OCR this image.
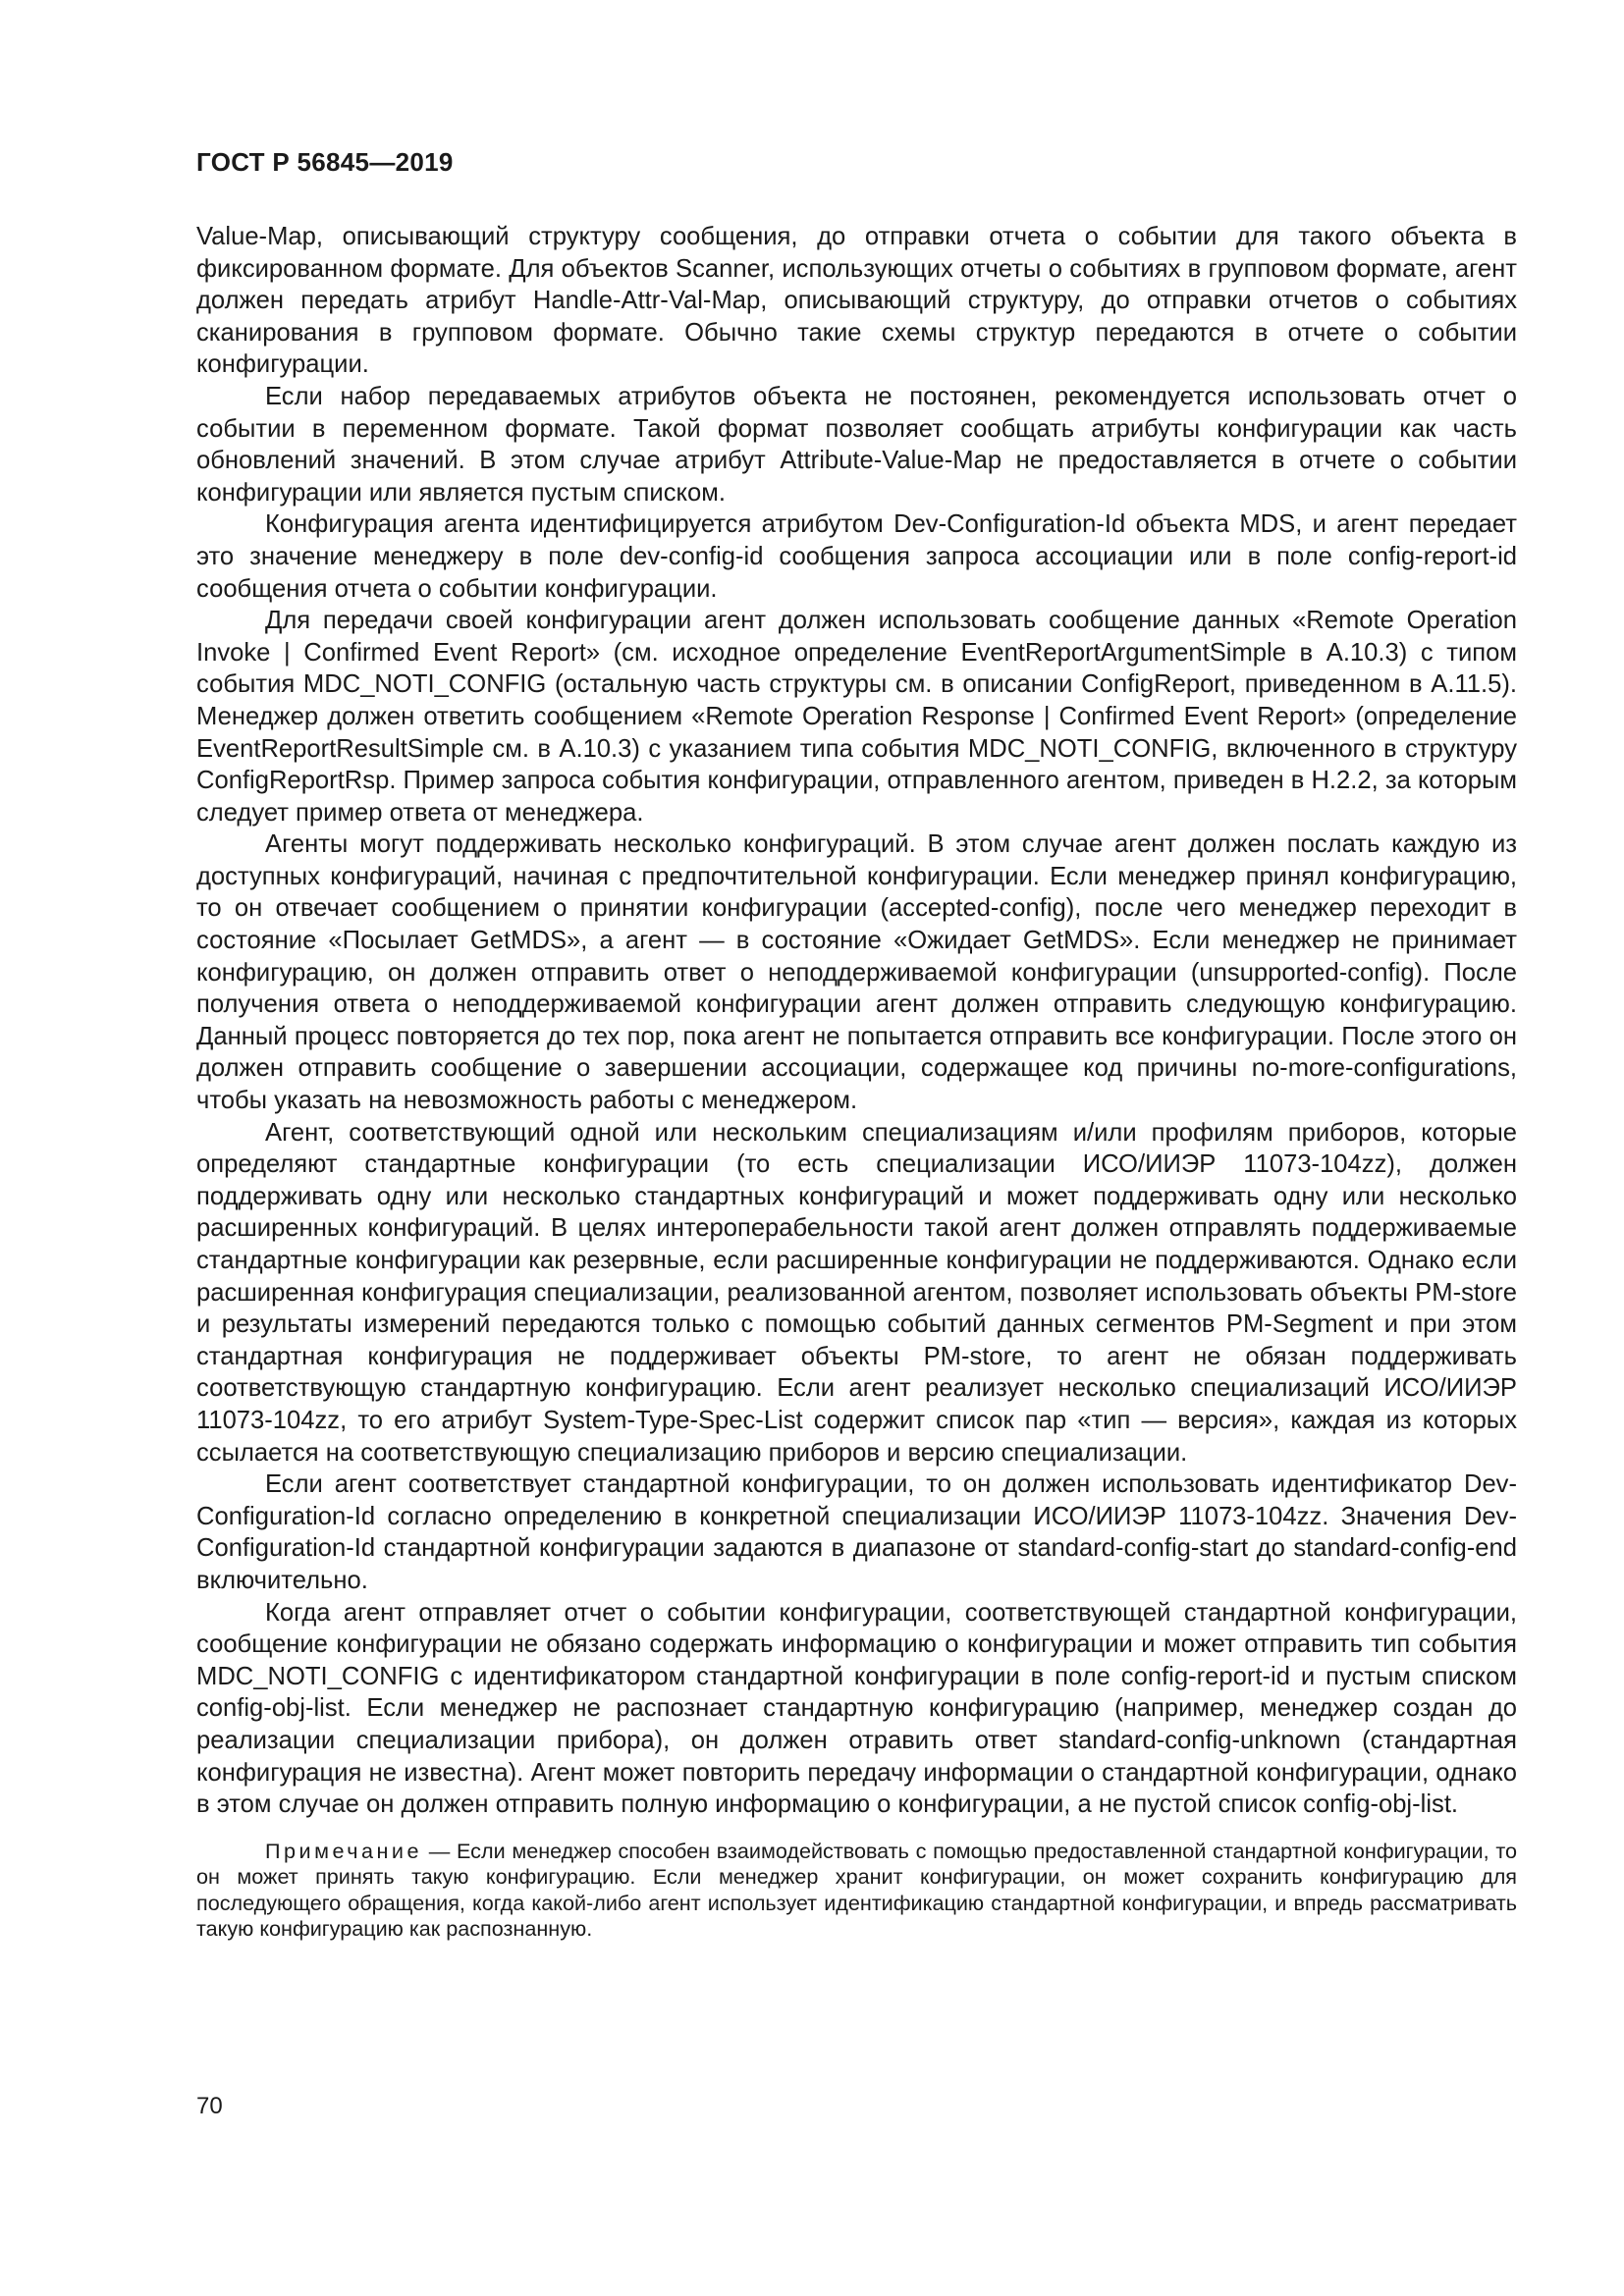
ГОСТ Р 56845—2019

Value-Map, описывающий структуру сообщения, до отправки отчета о событии для такого объекта в фиксированном формате. Для объектов Scanner, использующих отчеты о событиях в групповом формате, агент должен передать атрибут Handle-Attr-Val-Map, описывающий структуру, до отправки отчетов о событиях сканирования в групповом формате. Обычно такие схемы структур передаются в отчете о событии конфигурации.

Если набор передаваемых атрибутов объекта не постоянен, рекомендуется использовать отчет о событии в переменном формате. Такой формат позволяет сообщать атрибуты конфигурации как часть обновлений значений. В этом случае атрибут Attribute-Value-Map не предоставляется в отчете о событии конфигурации или является пустым списком.

Конфигурация агента идентифицируется атрибутом Dev-Configuration-Id объекта MDS, и агент передает это значение менеджеру в поле dev-config-id сообщения запроса ассоциации или в поле config-report-id сообщения отчета о событии конфигурации.

Для передачи своей конфигурации агент должен использовать сообщение данных «Remote Operation Invoke | Confirmed Event Report» (см. исходное определение EventReportArgumentSimple в А.10.3) с типом события MDC_NOTI_CONFIG (остальную часть структуры см. в описании ConfigReport, приведенном в А.11.5). Менеджер должен ответить сообщением «Remote Operation Response | Confirmed Event Report» (определение EventReportResultSimple см. в А.10.3) с указанием типа события MDC_NOTI_CONFIG, включенного в структуру ConfigReportRsp. Пример запроса события конфигурации, отправленного агентом, приведен в Н.2.2, за которым следует пример ответа от менеджера.

Агенты могут поддерживать несколько конфигураций. В этом случае агент должен послать каждую из доступных конфигураций, начиная с предпочтительной конфигурации. Если менеджер принял конфигурацию, то он отвечает сообщением о принятии конфигурации (accepted-config), после чего менеджер переходит в состояние «Посылает GetMDS», а агент — в состояние «Ожидает GetMDS». Если менеджер не принимает конфигурацию, он должен отправить ответ о неподдерживаемой конфигурации (unsupported-config). После получения ответа о неподдерживаемой конфигурации агент должен отправить следующую конфигурацию. Данный процесс повторяется до тех пор, пока агент не попытается отправить все конфигурации. После этого он должен отправить сообщение о завершении ассоциации, содержащее код причины no-more-configurations, чтобы указать на невозможность работы с менеджером.

Агент, соответствующий одной или нескольким специализациям и/или профилям приборов, которые определяют стандартные конфигурации (то есть специализации ИСО/ИИЭР 11073-104zz), должен поддерживать одну или несколько стандартных конфигураций и может поддерживать одну или несколько расширенных конфигураций. В целях интероперабельности такой агент должен отправлять поддерживаемые стандартные конфигурации как резервные, если расширенные конфигурации не поддерживаются. Однако если расширенная конфигурация специализации, реализованной агентом, позволяет использовать объекты PM-store и результаты измерений передаются только с помощью событий данных сегментов PM-Segment и при этом стандартная конфигурация не поддерживает объекты PM-store, то агент не обязан поддерживать соответствующую стандартную конфигурацию. Если агент реализует несколько специализаций ИСО/ИИЭР 11073-104zz, то его атрибут System-Type-Spec-List содержит список пар «тип — версия», каждая из которых ссылается на соответствующую специализацию приборов и версию специализации.

Если агент соответствует стандартной конфигурации, то он должен использовать идентификатор Dev-Configuration-Id согласно определению в конкретной специализации ИСО/ИИЭР 11073-104zz. Значения Dev-Configuration-Id стандартной конфигурации задаются в диапазоне от standard-config-start до standard-config-end включительно.

Когда агент отправляет отчет о событии конфигурации, соответствующей стандартной конфигурации, сообщение конфигурации не обязано содержать информацию о конфигурации и может отправить тип события MDC_NOTI_CONFIG с идентификатором стандартной конфигурации в поле config-report-id и пустым списком config-obj-list. Если менеджер не распознает стандартную конфигурацию (например, менеджер создан до реализации специализации прибора), он должен отравить ответ standard-config-unknown (стандартная конфигурация не известна). Агент может повторить передачу информации о стандартной конфигурации, однако в этом случае он должен отправить полную информацию о конфигурации, а не пустой список config-obj-list.

Примечание — Если менеджер способен взаимодействовать с помощью предоставленной стандартной конфигурации, то он может принять такую конфигурацию. Если менеджер хранит конфигурации, он может сохранить конфигурацию для последующего обращения, когда какой-либо агент использует идентификацию стандартной конфигурации, и впредь рассматривать такую конфигурацию как распознанную.

70
